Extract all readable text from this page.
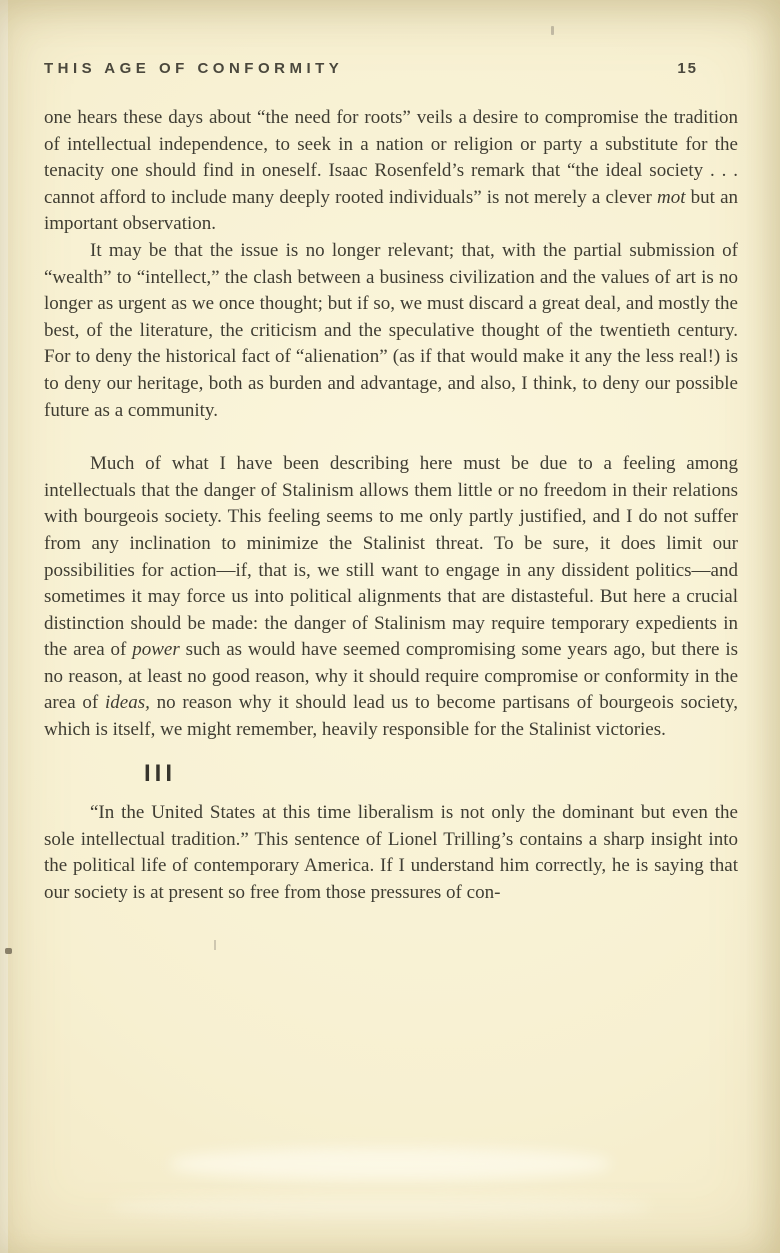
THIS AGE OF CONFORMITY	15

one hears these days about “the need for roots” veils a desire to compromise the tradition of intellectual independence, to seek in a nation or religion or party a substitute for the tenacity one should find in oneself. Isaac Rosenfeld’s remark that “the ideal society . . . cannot afford to include many deeply rooted individuals” is not merely a clever mot but an important observation.

It may be that the issue is no longer relevant; that, with the partial submission of “wealth” to “intellect,” the clash between a business civilization and the values of art is no longer as urgent as we once thought; but if so, we must discard a great deal, and mostly the best, of the literature, the criticism and the speculative thought of the twentieth century. For to deny the historical fact of “alienation” (as if that would make it any the less real!) is to deny our heritage, both as burden and advantage, and also, I think, to deny our possible future as a community.

Much of what I have been describing here must be due to a feeling among intellectuals that the danger of Stalinism allows them little or no freedom in their relations with bourgeois society. This feeling seems to me only partly justified, and I do not suffer from any inclination to minimize the Stalinist threat. To be sure, it does limit our possibilities for action—if, that is, we still want to engage in any dissident politics—and sometimes it may force us into political alignments that are distasteful. But here a crucial distinction should be made: the danger of Stalinism may require temporary expedients in the area of power such as would have seemed compromising some years ago, but there is no reason, at least no good reason, why it should require compromise or conformity in the area of ideas, no reason why it should lead us to become partisans of bourgeois society, which is itself, we might remember, heavily responsible for the Stalinist victories.

III

“In the United States at this time liberalism is not only the dominant but even the sole intellectual tradition.” This sentence of Lionel Trilling’s contains a sharp insight into the political life of contemporary America. If I understand him correctly, he is saying that our society is at present so free from those pressures of con-
